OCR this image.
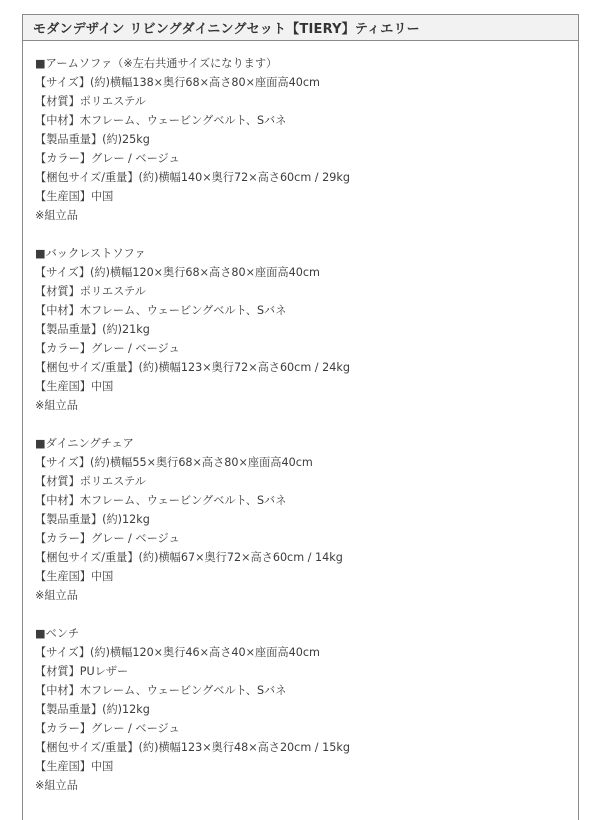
モダンデザイン リビングダイニングセット【TIERY】ティエリー
■アームソファ（※左右共通サイズになります）
【サイズ】(約)横幅138×奥行68×高さ80×座面高40cm
【材質】ポリエステル
【中材】木フレーム、ウェービングベルト、Sバネ
【製品重量】(約)25kg
【カラー】グレー / ベージュ
【梱包サイズ/重量】(約)横幅140×奥行72×高さ60cm / 29kg
【生産国】中国
※組立品
■バックレストソファ
【サイズ】(約)横幅120×奥行68×高さ80×座面高40cm
【材質】ポリエステル
【中材】木フレーム、ウェービングベルト、Sバネ
【製品重量】(約)21kg
【カラー】グレー / ベージュ
【梱包サイズ/重量】(約)横幅123×奥行72×高さ60cm / 24kg
【生産国】中国
※組立品
■ダイニングチェア
【サイズ】(約)横幅55×奥行68×高さ80×座面高40cm
【材質】ポリエステル
【中材】木フレーム、ウェービングベルト、Sバネ
【製品重量】(約)12kg
【カラー】グレー / ベージュ
【梱包サイズ/重量】(約)横幅67×奥行72×高さ60cm / 14kg
【生産国】中国
※組立品
■ベンチ
【サイズ】(約)横幅120×奥行46×高さ40×座面高40cm
【材質】PUレザー
【中材】木フレーム、ウェービングベルト、Sバネ
【製品重量】(約)12kg
【カラー】グレー / ベージュ
【梱包サイズ/重量】(約)横幅123×奥行48×高さ20cm / 15kg
【生産国】中国
※組立品
